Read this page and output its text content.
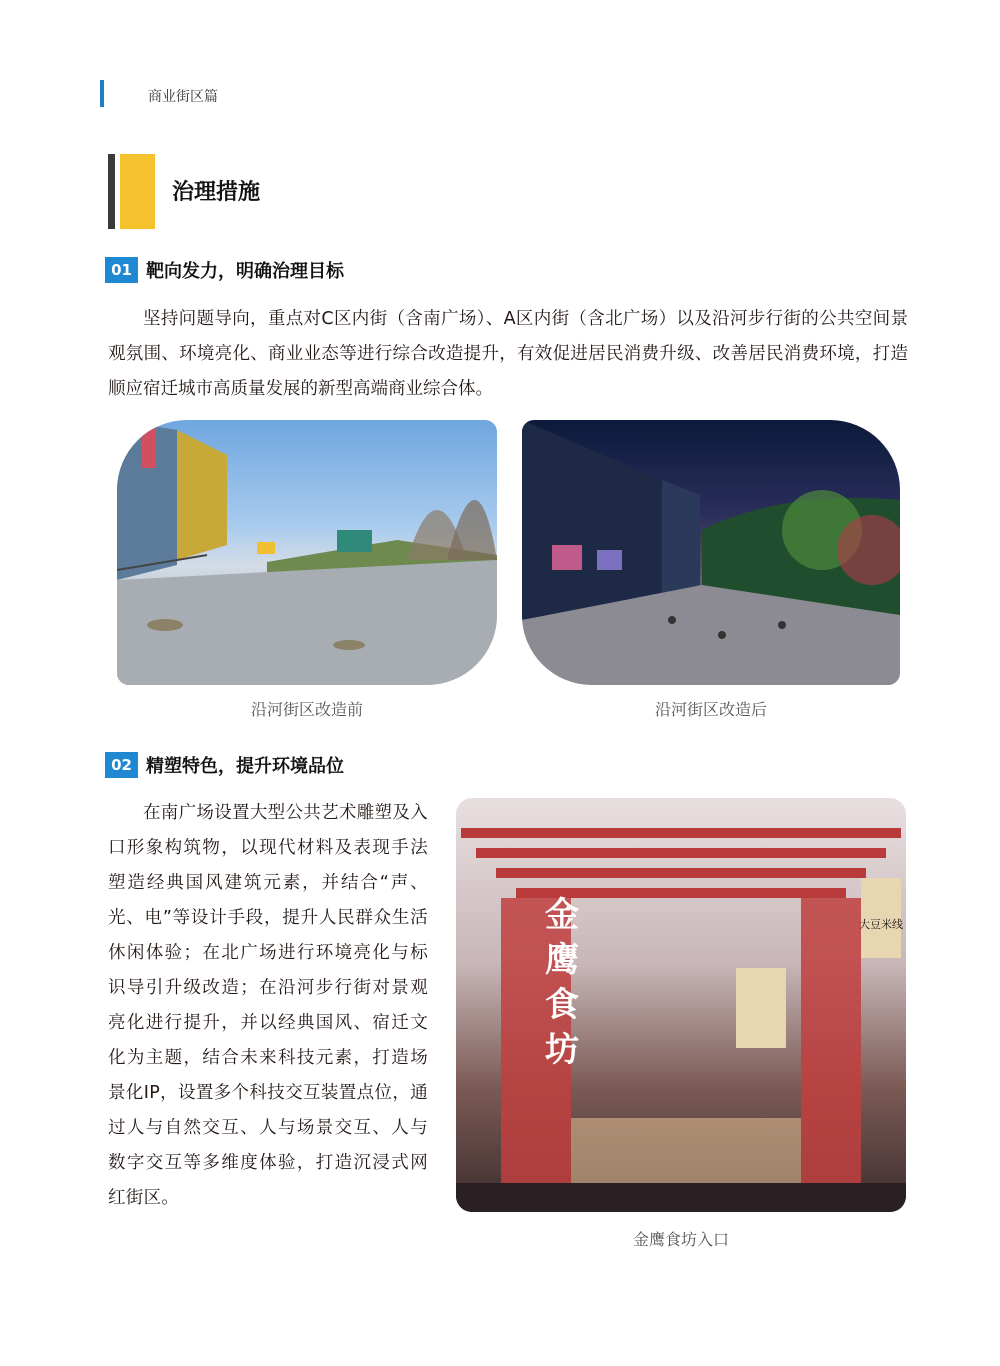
商业街区篇
治理措施
01 靶向发力，明确治理目标

坚持问题导向，重点对C区内街（含南广场）、A区内街（含北广场）以及沿河步行街的公共空间景观氛围、环境亮化、商业业态等进行综合改造提升，有效促进居民消费升级、改善居民消费环境，打造顺应宿迁城市高质量发展的新型高端商业综合体。

沿河街区改造前	沿河街区改造后
02 精塑特色，提升环境品位

在南广场设置大型公共艺术雕塑及入口形象构筑物，以现代材料及表现手法塑造经典国风建筑元素，并结合“声、光、电”等设计手段，提升人民群众生活休闲体验；在北广场进行环境亮化与标识导引升级改造；在沿河步行街对景观亮化进行提升，并以经典国风、宿迁文化为主题，结合未来科技元素，打造场景化IP，设置多个科技交互装置点位，通过人与自然交互、人与场景交互、人与数字交互等多维度体验，打造沉浸式网红街区。

金鹰食坊
大豆米线
金鹰食坊入口
